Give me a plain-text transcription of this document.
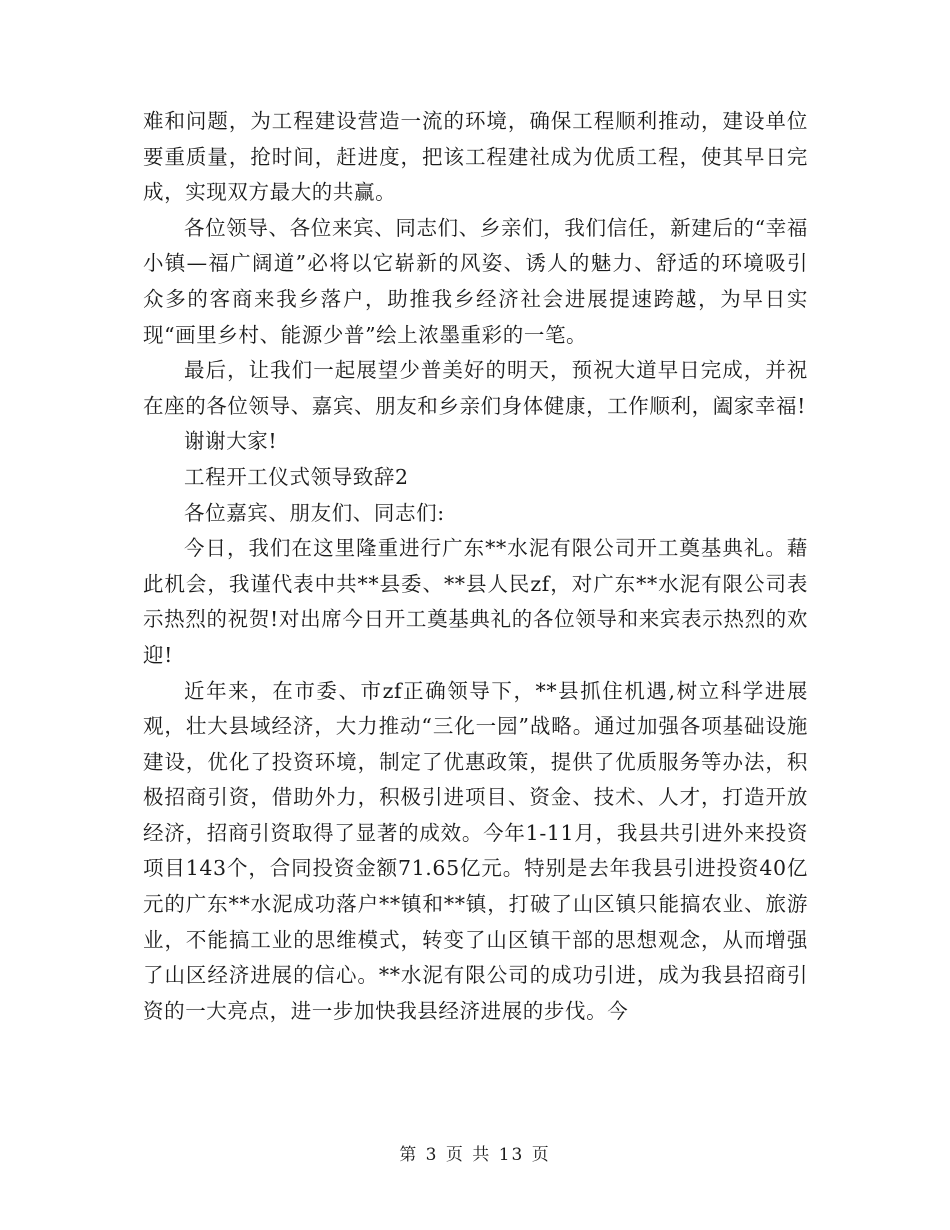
难和问题，为工程建设营造一流的环境，确保工程顺利推动，建设单位要重质量，抢时间，赶进度，把该工程建社成为优质工程，使其早日完成，实现双方最大的共赢。

各位领导、各位来宾、同志们、乡亲们，我们信任，新建后的“幸福小镇—福广阔道”必将以它崭新的风姿、诱人的魅力、舒适的环境吸引众多的客商来我乡落户，助推我乡经济社会进展提速跨越，为早日实现“画里乡村、能源少普”绘上浓墨重彩的一笔。

最后，让我们一起展望少普美好的明天，预祝大道早日完成，并祝在座的各位领导、嘉宾、朋友和乡亲们身体健康，工作顺利，阖家幸福!

谢谢大家!

工程开工仪式领导致辞2

各位嘉宾、朋友们、同志们:

今日，我们在这里隆重进行广东**水泥有限公司开工奠基典礼。藉此机会，我谨代表中共**县委、**县人民zf，对广东**水泥有限公司表示热烈的祝贺!对出席今日开工奠基典礼的各位领导和来宾表示热烈的欢迎!

近年来，在市委、市zf正确领导下，**县抓住机遇,树立科学进展观，壮大县域经济，大力推动“三化一园”战略。通过加强各项基础设施建设，优化了投资环境，制定了优惠政策，提供了优质服务等办法，积极招商引资，借助外力，积极引进项目、资金、技术、人才，打造开放经济，招商引资取得了显著的成效。今年1-11月，我县共引进外来投资项目143个，合同投资金额71.65亿元。特别是去年我县引进投资40亿元的广东**水泥成功落户**镇和**镇，打破了山区镇只能搞农业、旅游业，不能搞工业的思维模式，转变了山区镇干部的思想观念，从而增强了山区经济进展的信心。**水泥有限公司的成功引进，成为我县招商引资的一大亮点，进一步加快我县经济进展的步伐。今

第 3 页 共 13 页
